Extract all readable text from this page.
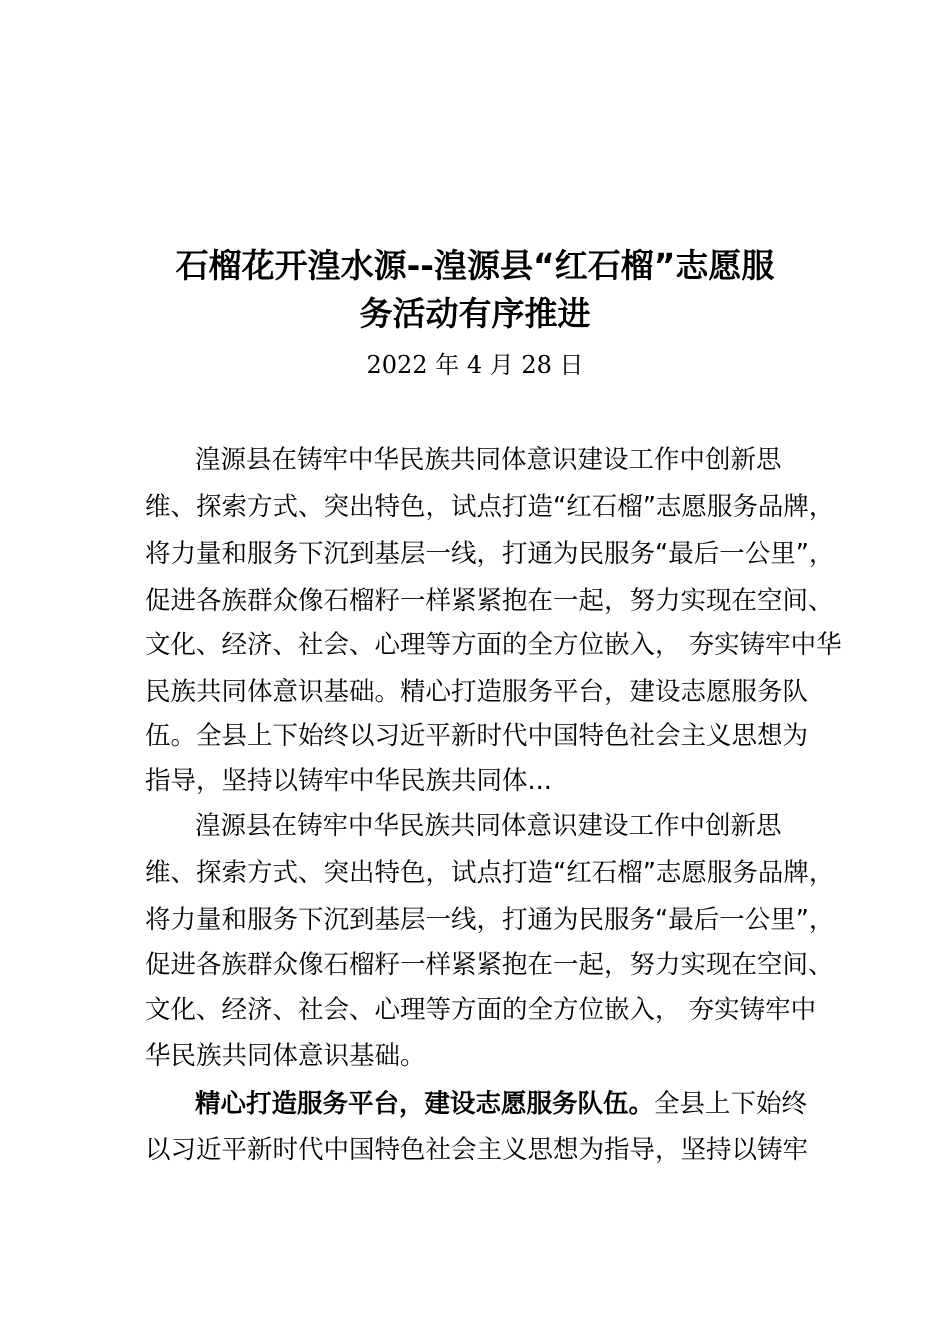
石榴花开湟水源--湟源县“红石榴”志愿服
务活动有序推进
2022 年 4 月 28 日
湟源县在铸牢中华民族共同体意识建设工作中创新思
维、探索方式、突出特色，试点打造“红石榴”志愿服务品牌，
将力量和服务下沉到基层一线，打通为民服务“最后一公里”，
促进各族群众像石榴籽一样紧紧抱在一起，努力实现在空间、
文化、经济、社会、心理等方面的全方位嵌入， 夯实铸牢中华
民族共同体意识基础。精心打造服务平台，建设志愿服务队
伍。全县上下始终以习近平新时代中国特色社会主义思想为
指导，坚持以铸牢中华民族共同体...
湟源县在铸牢中华民族共同体意识建设工作中创新思
维、探索方式、突出特色，试点打造“红石榴”志愿服务品牌，
将力量和服务下沉到基层一线，打通为民服务“最后一公里”，
促进各族群众像石榴籽一样紧紧抱在一起，努力实现在空间、
文化、经济、社会、心理等方面的全方位嵌入， 夯实铸牢中
华民族共同体意识基础。
精心打造服务平台，建设志愿服务队伍。全县上下始终
以习近平新时代中国特色社会主义思想为指导，坚持以铸牢
